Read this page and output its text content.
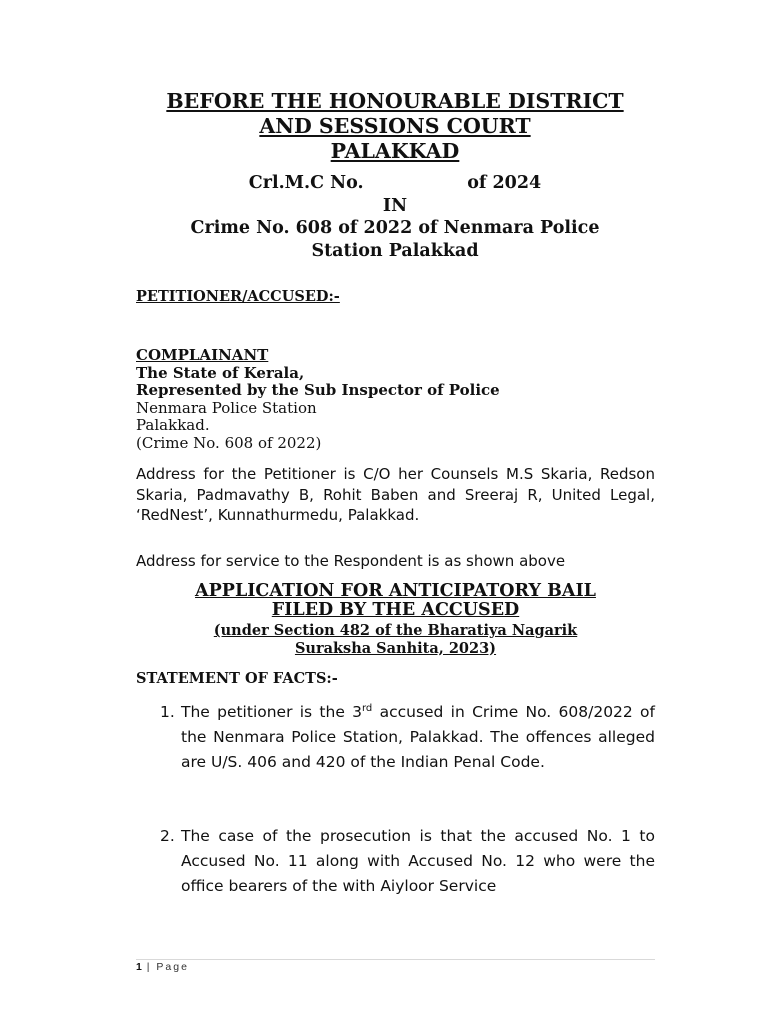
BEFORE THE HONOURABLE DISTRICT
AND SESSIONS COURT
PALAKKAD
Crl.M.C No.                 of 2024
IN
Crime No. 608 of 2022 of Nenmara Police
Station Palakkad
PETITIONER/ACCUSED:-
COMPLAINANT
The State of Kerala,
Represented by the Sub Inspector of Police
Nenmara Police Station
Palakkad.
(Crime No. 608 of 2022)

Address for the Petitioner is C/O her Counsels M.S Skaria, Redson Skaria, Padmavathy B, Rohit Baben and Sreeraj R, United Legal, ‘RedNest’, Kunnathurmedu, Palakkad.

Address for service to the Respondent is as shown above

APPLICATION FOR ANTICIPATORY BAIL
FILED BY THE ACCUSED
(under Section 482 of the Bharatiya Nagarik
Suraksha Sanhita, 2023)
STATEMENT OF FACTS:-
1. The petitioner is the 3rd accused in Crime No. 608/2022 of the Nenmara Police Station, Palakkad. The offences alleged are U/S. 406 and 420 of the Indian Penal Code.
2. The case of the prosecution is that the accused No. 1 to Accused No. 11 along with Accused No. 12 who were the office bearers of the with Aiyloor Service
1 | Page
